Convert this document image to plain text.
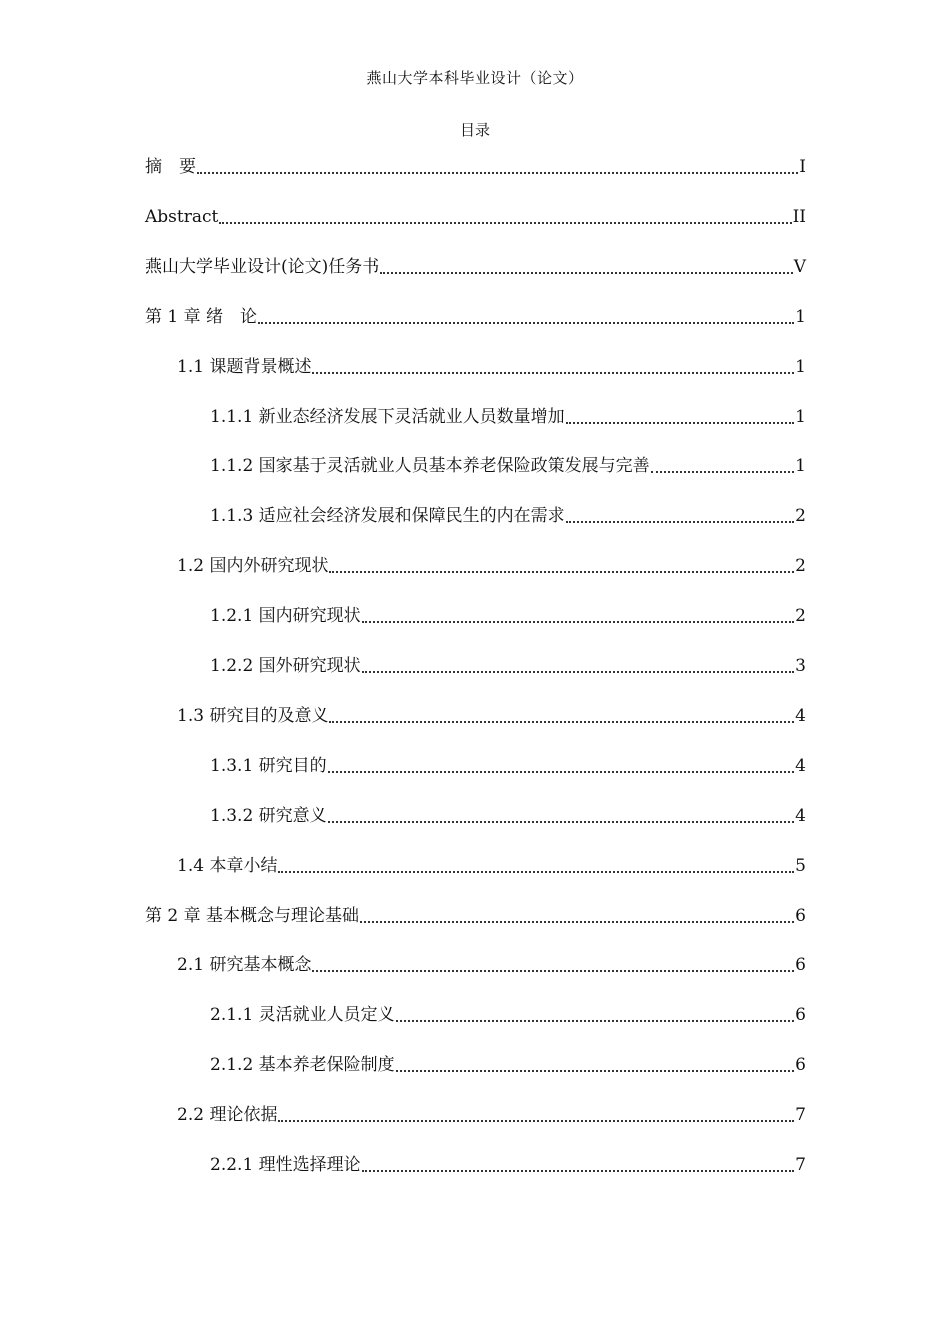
燕山大学本科毕业设计（论文）
目录
摘　要	I
Abstract	II
燕山大学毕业设计(论文)任务书	V
第 1 章 绪　论	1
1.1 课题背景概述	1
1.1.1 新业态经济发展下灵活就业人员数量增加	1
1.1.2 国家基于灵活就业人员基本养老保险政策发展与完善	1
1.1.3 适应社会经济发展和保障民生的内在需求	2
1.2 国内外研究现状	2
1.2.1 国内研究现状	2
1.2.2 国外研究现状	3
1.3 研究目的及意义	4
1.3.1 研究目的	4
1.3.2 研究意义	4
1.4 本章小结	5
第 2 章 基本概念与理论基础	6
2.1 研究基本概念	6
2.1.1 灵活就业人员定义	6
2.1.2 基本养老保险制度	6
2.2 理论依据	7
2.2.1 理性选择理论	7
